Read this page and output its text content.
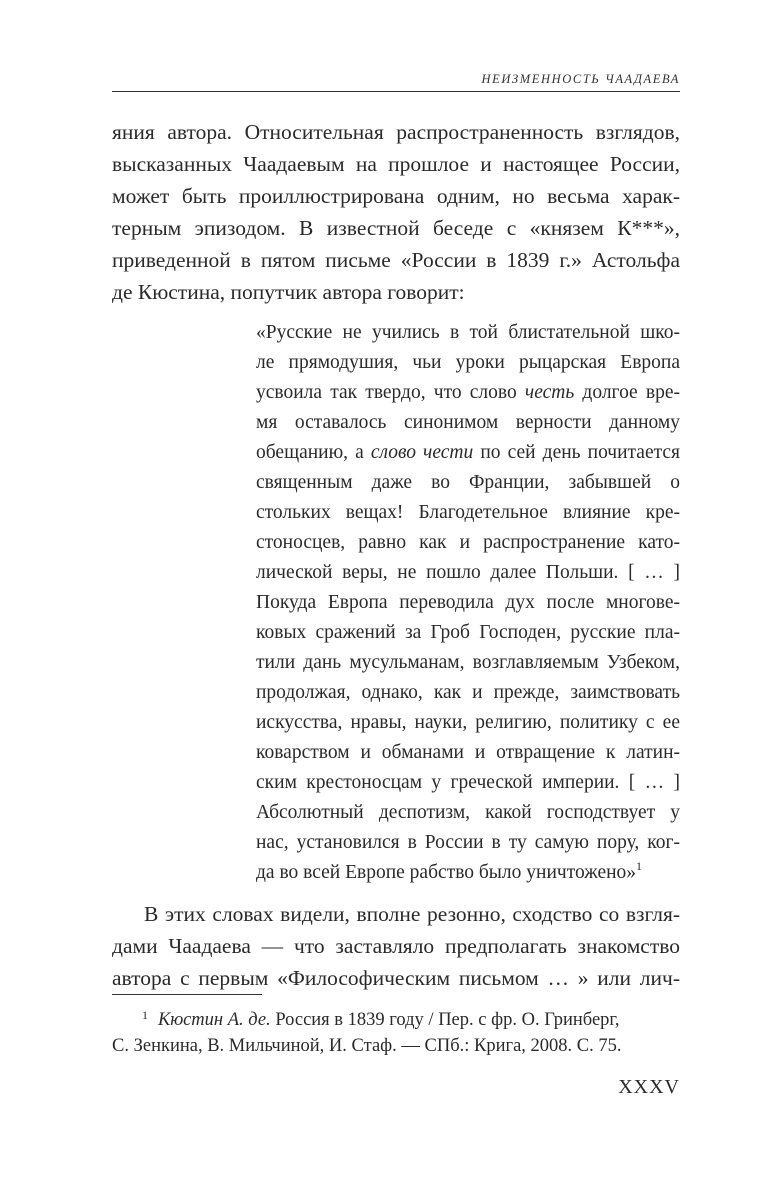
НЕИЗМЕННОСТЬ ЧААДАЕВА
яния автора. Относительная распространенность взглядов,
высказанных Чаадаевым на прошлое и настоящее России,
может быть проиллюстрирована одним, но весьма харак-
терным эпизодом. В известной беседе с «князем К***»,
приведенной в пятом письме «России в 1839 г.» Астольфа
де Кюстина, попутчик автора говорит:
«Русские не учились в той блистательной шко-
ле прямодушия, чьи уроки рыцарская Европа
усвоила так твердо, что слово честь долгое вре-
мя оставалось синонимом верности данному
обещанию, а слово чести по сей день почитается
священным даже во Франции, забывшей о
стольких вещах! Благодетельное влияние кре-
стоносцев, равно как и распространение като-
лической веры, не пошло далее Польши. [ … ]
Покуда Европа переводила дух после многове-
ковых сражений за Гроб Господен, русские пла-
тили дань мусульманам, возглавляемым Узбеком,
продолжая, однако, как и прежде, заимствовать
искусства, нравы, науки, религию, политику с ее
коварством и обманами и отвращение к латин-
ским крестоносцам у греческой империи. [ … ]
Абсолютный деспотизм, какой господствует у
нас, установился в России в ту самую пору, ког-
да во всей Европе рабство было уничтожено»$^1$
В этих словах видели, вполне резонно, сходство со взгля-
дами Чаадаева — что заставляло предполагать знакомство
автора с первым «Философическим письмом … » или лич-
$^1$ Кюстин А. де. Россия в 1839 году / Пер. с фр. О. Гринберг,
С. Зенкина, В. Мильчиной, И. Стаф. — СПб.: Крига, 2008. С. 75.
XXXV
